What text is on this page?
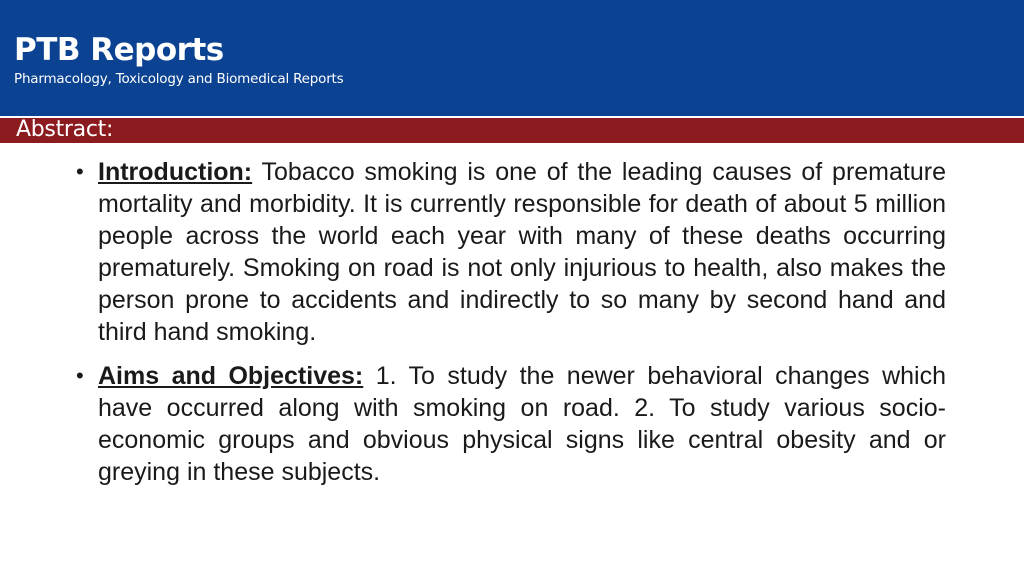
PTB Reports
Pharmacology, Toxicology and Biomedical Reports
Abstract:
• Introduction: Tobacco smoking is one of the leading causes of premature mortality and morbidity. It is currently responsible for death of about 5 million people across the world each year with many of these deaths occurring prematurely. Smoking on road is not only injurious to health, also makes the person prone to accidents and indirectly to so many by second hand and third hand smoking.
• Aims and Objectives: 1. To study the newer behavioral changes which have occurred along with smoking on road. 2. To study various socio-economic groups and obvious physical signs like central obesity and or greying in these subjects.
